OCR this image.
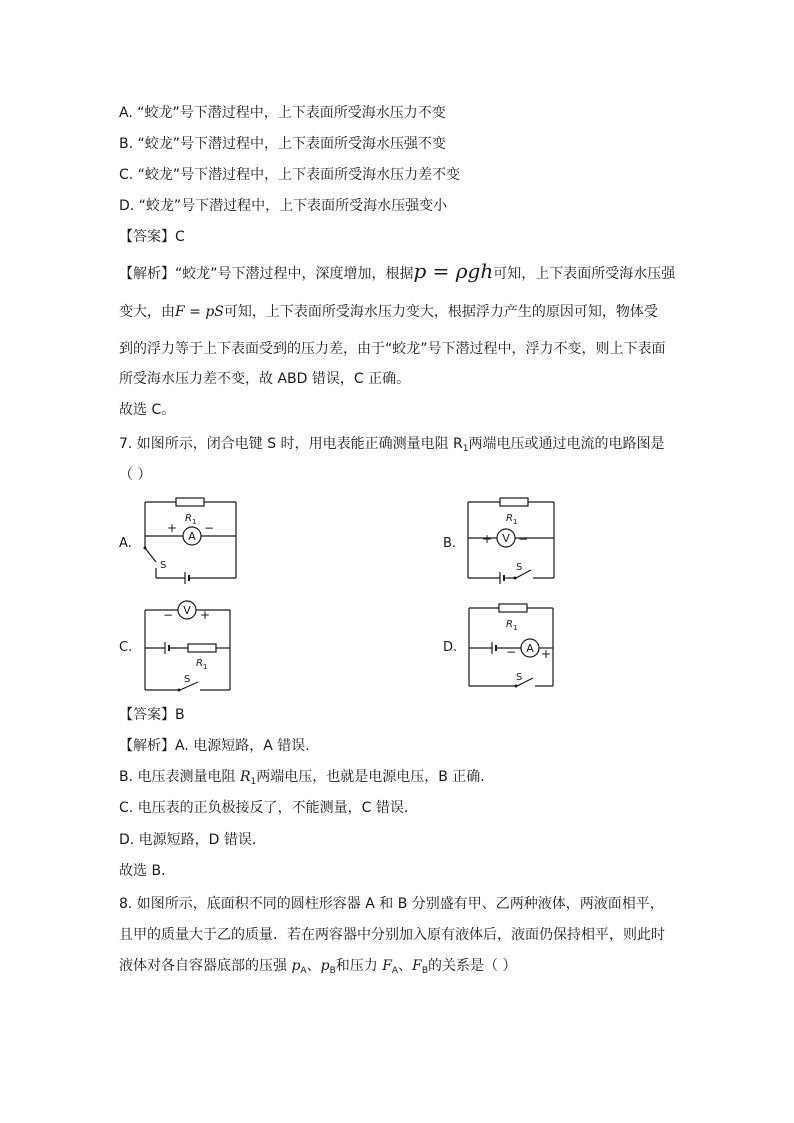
A. “蛟龙”号下潜过程中，上下表面所受海水压力不变
B. “蛟龙”号下潜过程中，上下表面所受海水压强不变
C. “蛟龙”号下潜过程中，上下表面所受海水压力差不变
D. “蛟龙”号下潜过程中，上下表面所受海水压强变小
【答案】C
【解析】“蛟龙”号下潜过程中，深度增加，根据p = ρgh可知，上下表面所受海水压强
变大，由F = pS可知，上下表面所受海水压力变大，根据浮力产生的原因可知，物体受
到的浮力等于上下表面受到的压力差，由于“蛟龙”号下潜过程中，浮力不变，则上下表面
所受海水压力差不变，故 ABD 错误，C 正确。
故选 C。
7. 如图所示，闭合电键 S 时，用电表能正确测量电阻 $R_1$两端电压或通过电流的电路图是
（ ）
A.	B.
C.	D.
R 1
A
+ −
S
R 1
V
+ −
S
V
− +
R 1
S
R 1
A
− +
S
【答案】B
【解析】A. 电源短路，A 错误.
B. 电压表测量电阻 $R_1$两端电压，也就是电源电压，B 正确.
C. 电压表的正负极接反了，不能测量，C 错误.
D. 电源短路，D 错误.
故选 B.
8. 如图所示，底面积不同的圆柱形容器 A 和 B 分别盛有甲、乙两种液体，两液面相平，
且甲的质量大于乙的质量．若在两容器中分别加入原有液体后，液面仍保持相平，则此时
液体对各自容器底部的压强 $p_A$、$p_B$和压力 $F_A$、$F_B$的关系是（ ）
